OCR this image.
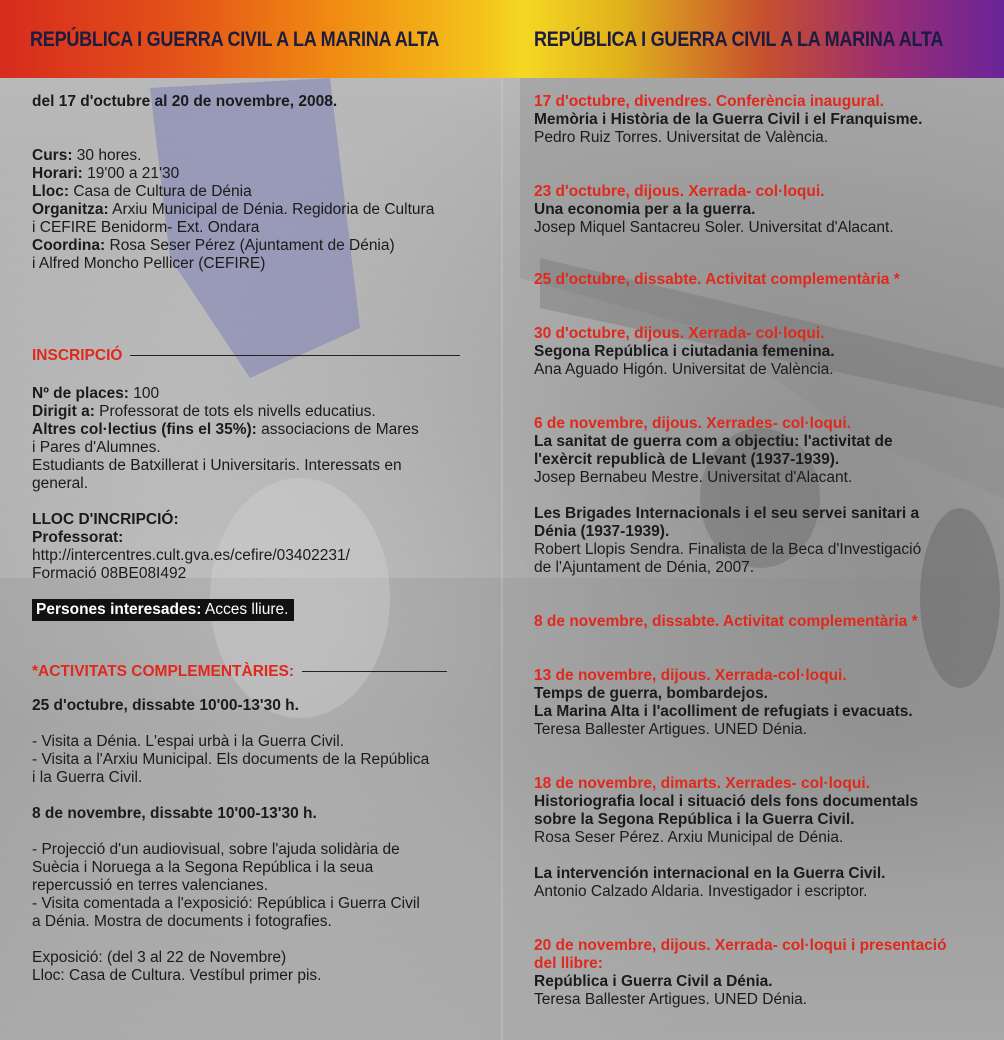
REPÚBLICA I GUERRA CIVIL A LA MARINA ALTA	REPÚBLICA I GUERRA CIVIL A LA MARINA ALTA

del 17 d'octubre al 20 de novembre, 2008.

Curs: 30 hores.

Horari: 19'00 a 21'30

Lloc: Casa de Cultura de Dénia

Organitza: Arxiu Municipal de Dénia. Regidoria de Cultura

i CEFIRE Benidorm- Ext. Ondara

Coordina: Rosa Seser Pérez (Ajuntament de Dénia)

i Alfred Moncho Pellicer (CEFIRE)

INSCRIPCIÓ

Nº de places: 100

Dirigit a: Professorat de tots els nivells educatius.

Altres col·lectius (fins el 35%): associacions de Mares

i Pares d'Alumnes.

Estudiants de Batxillerat i Universitaris. Interessats en

general.

LLOC D'INCRIPCIÓ:

Professorat:

http://intercentres.cult.gva.es/cefire/03402231/

Formació 08BE08I492

Persones interesades: Acces lliure.

*ACTIVITATS COMPLEMENTÀRIES:

25 d'octubre, dissabte 10'00-13'30 h.

- Visita a Dénia. L'espai urbà i la Guerra Civil.

- Visita a l'Arxiu Municipal. Els documents de la República

i la Guerra Civil.

8 de novembre, dissabte 10'00-13'30 h.

- Projecció d'un audiovisual, sobre l'ajuda solidària de

Suècia i Noruega a la Segona República i la seua

repercussió en terres valencianes.

- Visita comentada a l'exposició: República i Guerra Civil

a Dénia. Mostra de documents i fotografies.

Exposició: (del 3 al 22 de Novembre)

Lloc: Casa de Cultura. Vestíbul primer pis.

17 d'octubre, divendres. Conferència inaugural.

Memòria i Història de la Guerra Civil i el Franquisme.

Pedro Ruiz Torres. Universitat de València.

23 d'octubre, dijous. Xerrada- col·loqui.

Una economia per a la guerra.

Josep Miquel Santacreu Soler. Universitat d'Alacant.

25 d'octubre, dissabte. Activitat complementària *

30 d'octubre, dijous. Xerrada- col·loqui.

Segona República i ciutadania femenina.

Ana Aguado Higón. Universitat de València.

6 de novembre, dijous. Xerrades- col·loqui.

La sanitat de guerra com a objectiu: l'activitat de

l'exèrcit republicà de Llevant (1937-1939).

Josep Bernabeu Mestre. Universitat d'Alacant.

Les Brigades Internacionals i el seu servei sanitari a

Dénia (1937-1939).

Robert Llopis Sendra. Finalista de la Beca d'Investigació

de l'Ajuntament de Dénia, 2007.

8 de novembre, dissabte. Activitat complementària *

13 de novembre, dijous. Xerrada-col·loqui.

Temps de guerra, bombardejos.

La Marina Alta i l'acolliment de refugiats i evacuats.

Teresa Ballester Artigues. UNED Dénia.

18 de novembre, dimarts. Xerrades- col·loqui.

Historiografia local i situació dels fons documentals

sobre la Segona República i la Guerra Civil.

Rosa Seser Pérez. Arxiu Municipal de Dénia.

La intervención internacional en la Guerra Civil.

Antonio Calzado Aldaria. Investigador i escriptor.

20 de novembre, dijous. Xerrada- col·loqui i presentació

del llibre:

República i Guerra Civil a Dénia.

Teresa Ballester Artigues. UNED Dénia.
